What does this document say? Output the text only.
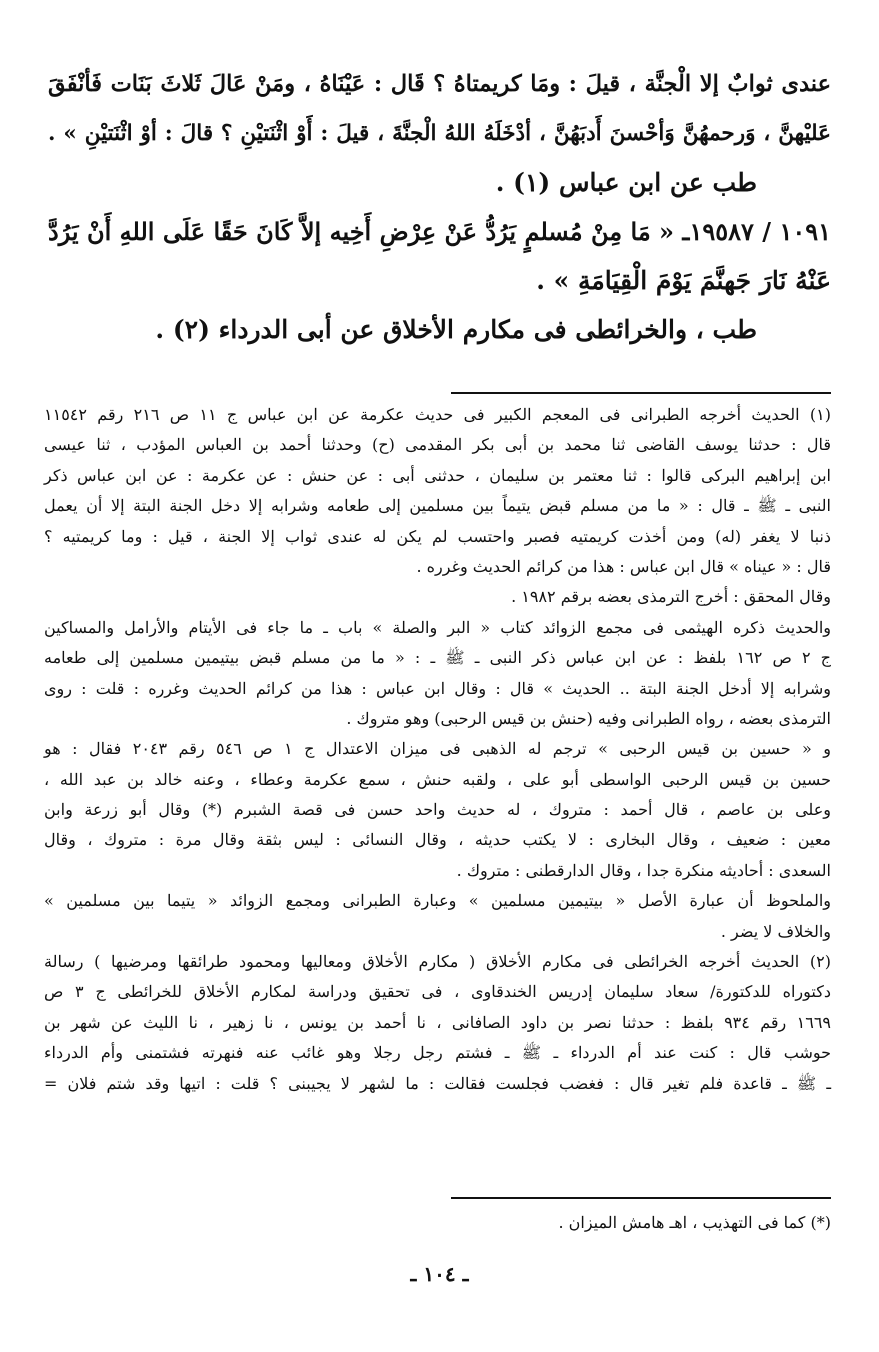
عندى ثوابٌ إلا الْجنَّة ، قيلَ : ومَا كريمتاهُ ؟ قَال : عَيْنَاهُ ، ومَنْ عَالَ ثَلاثَ بَنَات فَأنْفَقَ
عَليْهنَّ ، وَرحمهُنَّ وَأحْسنَ أَدبَهُنَّ ، أدْخَلَهُ اللهُ الْجنَّةَ ، قيلَ : أَوْ اثْنَتيْنِ ؟ قالَ : أوْ اثْنَتيْنِ » .
طب عن ابن عباس (١) .
١٠٩١ / ١٩٥٨٧ـ « مَا مِنْ مُسلمٍ يَرُدُّ عَنْ عِرْضِ أَخِيه إلاَّ كَانَ حَقًا عَلَى اللهِ أَنْ يَرُدَّ
عَنْهُ نَارَ جَهنَّمَ يَوْمَ الْقِيَامَةِ » .
طب ، والخرائطى فى مكارم الأخلاق عن أبى الدرداء (٢) .
(١) الحديث أخرجه الطبرانى فى المعجم الكبير فى حديث عكرمة عن ابن عباس ج ١١ ص ٢١٦ رقم ١١٥٤٢
قال : حدثنا يوسف القاضى ثنا محمد بن أبى بكر المقدمى (ح) وحدثنا أحمد بن العباس المؤدب ، ثنا عيسى
ابن إبراهيم البركى قالوا : ثنا معتمر بن سليمان ، حدثنى أبى : عن حنش : عن عكرمة : عن ابن عباس ذكر
النبى ـ ﷺ ـ قال : « ما من مسلم قبض يتيماً بين مسلمين إلى طعامه وشرابه إلا دخل الجنة البتة إلا أن يعمل
ذنبا لا يغفر (له) ومن أخذت كريمتيه فصبر واحتسب لم يكن له عندى ثواب إلا الجنة ، قيل : وما كريمتيه ؟
قال : « عيناه » قال ابن عباس : هذا من كرائم الحديث وغرره .
وقال المحقق : أخرج الترمذى بعضه برقم ١٩٨٢ .
والحديث ذكره الهيثمى فى مجمع الزوائد كتاب « البر والصلة » باب ـ ما جاء فى الأيتام والأرامل والمساكين
ج ٢ ص ١٦٢ بلفظ : عن ابن عباس ذكر النبى ـ ﷺ ـ : « ما من مسلم قبض بيتيمين مسلمين إلى طعامه
وشرابه إلا أدخل الجنة البتة .. الحديث » قال : وقال ابن عباس : هذا من كرائم الحديث وغرره : قلت : روى
الترمذى بعضه ، رواه الطبرانى وفيه (حنش بن قيس الرحبى) وهو متروك .
و « حسين بن قيس الرحبى » ترجم له الذهبى فى ميزان الاعتدال ج ١ ص ٥٤٦ رقم ٢٠٤٣ فقال : هو
حسين بن قيس الرحبى الواسطى أبو على ، ولقبه حنش ، سمع عكرمة وعطاء ، وعنه خالد بن عبد الله ،
وعلى بن عاصم ، قال أحمد : متروك ، له حديث واحد حسن فى قصة الشبرم (*) وقال أبو زرعة وابن
معين : ضعيف ، وقال البخارى : لا يكتب حديثه ، وقال النسائى : ليس بثقة وقال مرة : متروك ، وقال
السعدى : أحاديثه منكرة جدا ، وقال الدارقطنى : متروك .
والملحوظ أن عبارة الأصل « بيتيمين مسلمين » وعبارة الطبرانى ومجمع الزوائد « يتيما بين مسلمين »
والخلاف لا يضر .
(٢) الحديث أخرجه الخرائطى فى مكارم الأخلاق ( مكارم الأخلاق ومعاليها ومحمود طرائقها ومرضيها ) رسالة
دكتوراه للدكتورة/ سعاد سليمان إدريس الخندقاوى ، فى تحقيق ودراسة لمكارم الأخلاق للخرائطى ج ٣ ص
١٦٦٩ رقم ٩٣٤ بلفظ : حدثنا نصر بن داود الصافانى ، نا أحمد بن يونس ، نا زهير ، نا الليث عن شهر بن
حوشب قال : كنت عند أم الدرداء ـ ﷺ ـ فشتم رجل رجلا وهو غائب عنه فنهرته فشتمنى وأم الدرداء
ـ ﷺ ـ قاعدة فلم تغير قال : فغضب فجلست فقالت : ما لشهر لا يجيبنى ؟ قلت : اتيها وقد شتم فلان =
(*) كما فى التهذيب ، اهـ هامش الميزان .
ـ ١٠٤ ـ
